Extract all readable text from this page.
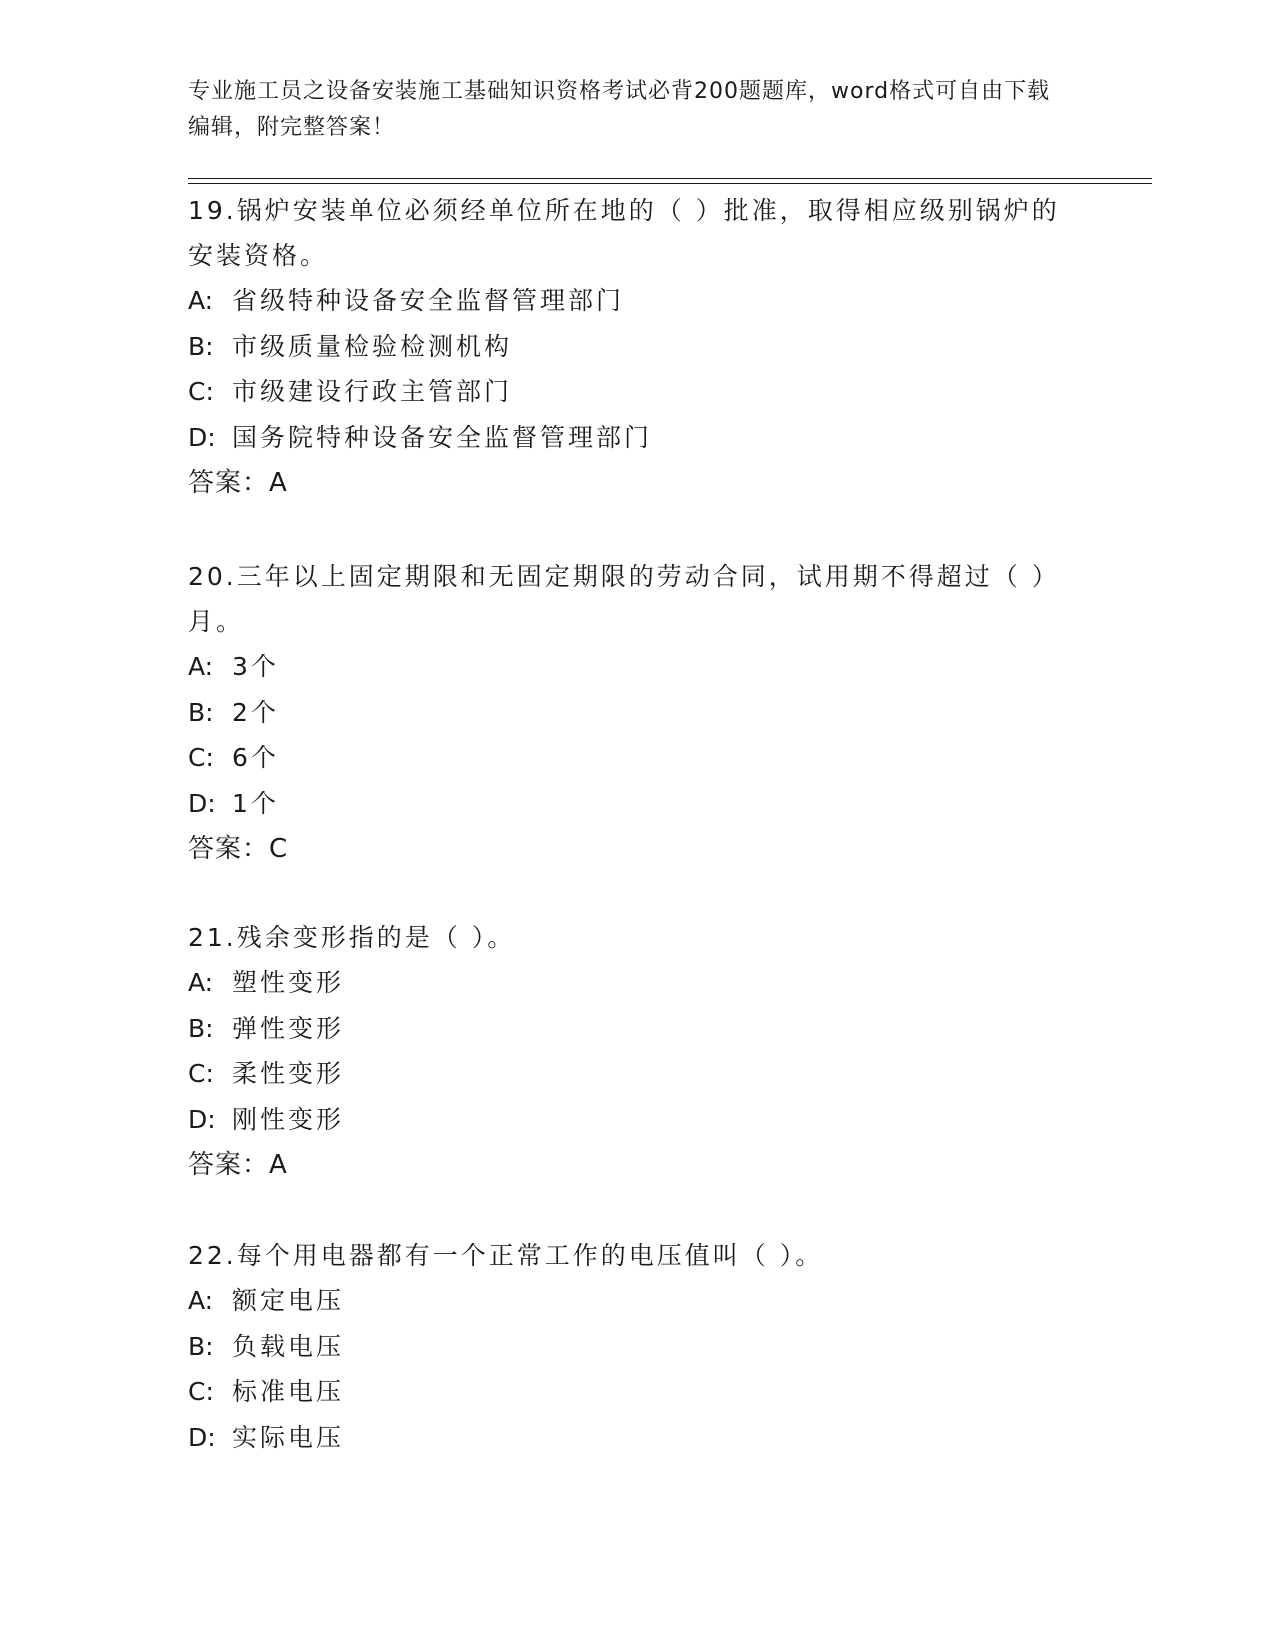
专业施工员之设备安装施工基础知识资格考试必背200题题库，word格式可自由下载编辑，附完整答案！
19.锅炉安装单位必须经单位所在地的（ ）批准，取得相应级别锅炉的安装资格。
A: 省级特种设备安全监督管理部门
B: 市级质量检验检测机构
C: 市级建设行政主管部门
D: 国务院特种设备安全监督管理部门
答案：A
20.三年以上固定期限和无固定期限的劳动合同，试用期不得超过（ ）月。
A: 3个
B: 2个
C: 6个
D: 1个
答案：C
21.残余变形指的是（ ）。
A: 塑性变形
B: 弹性变形
C: 柔性变形
D: 刚性变形
答案：A
22.每个用电器都有一个正常工作的电压值叫（ ）。
A: 额定电压
B: 负载电压
C: 标准电压
D: 实际电压
